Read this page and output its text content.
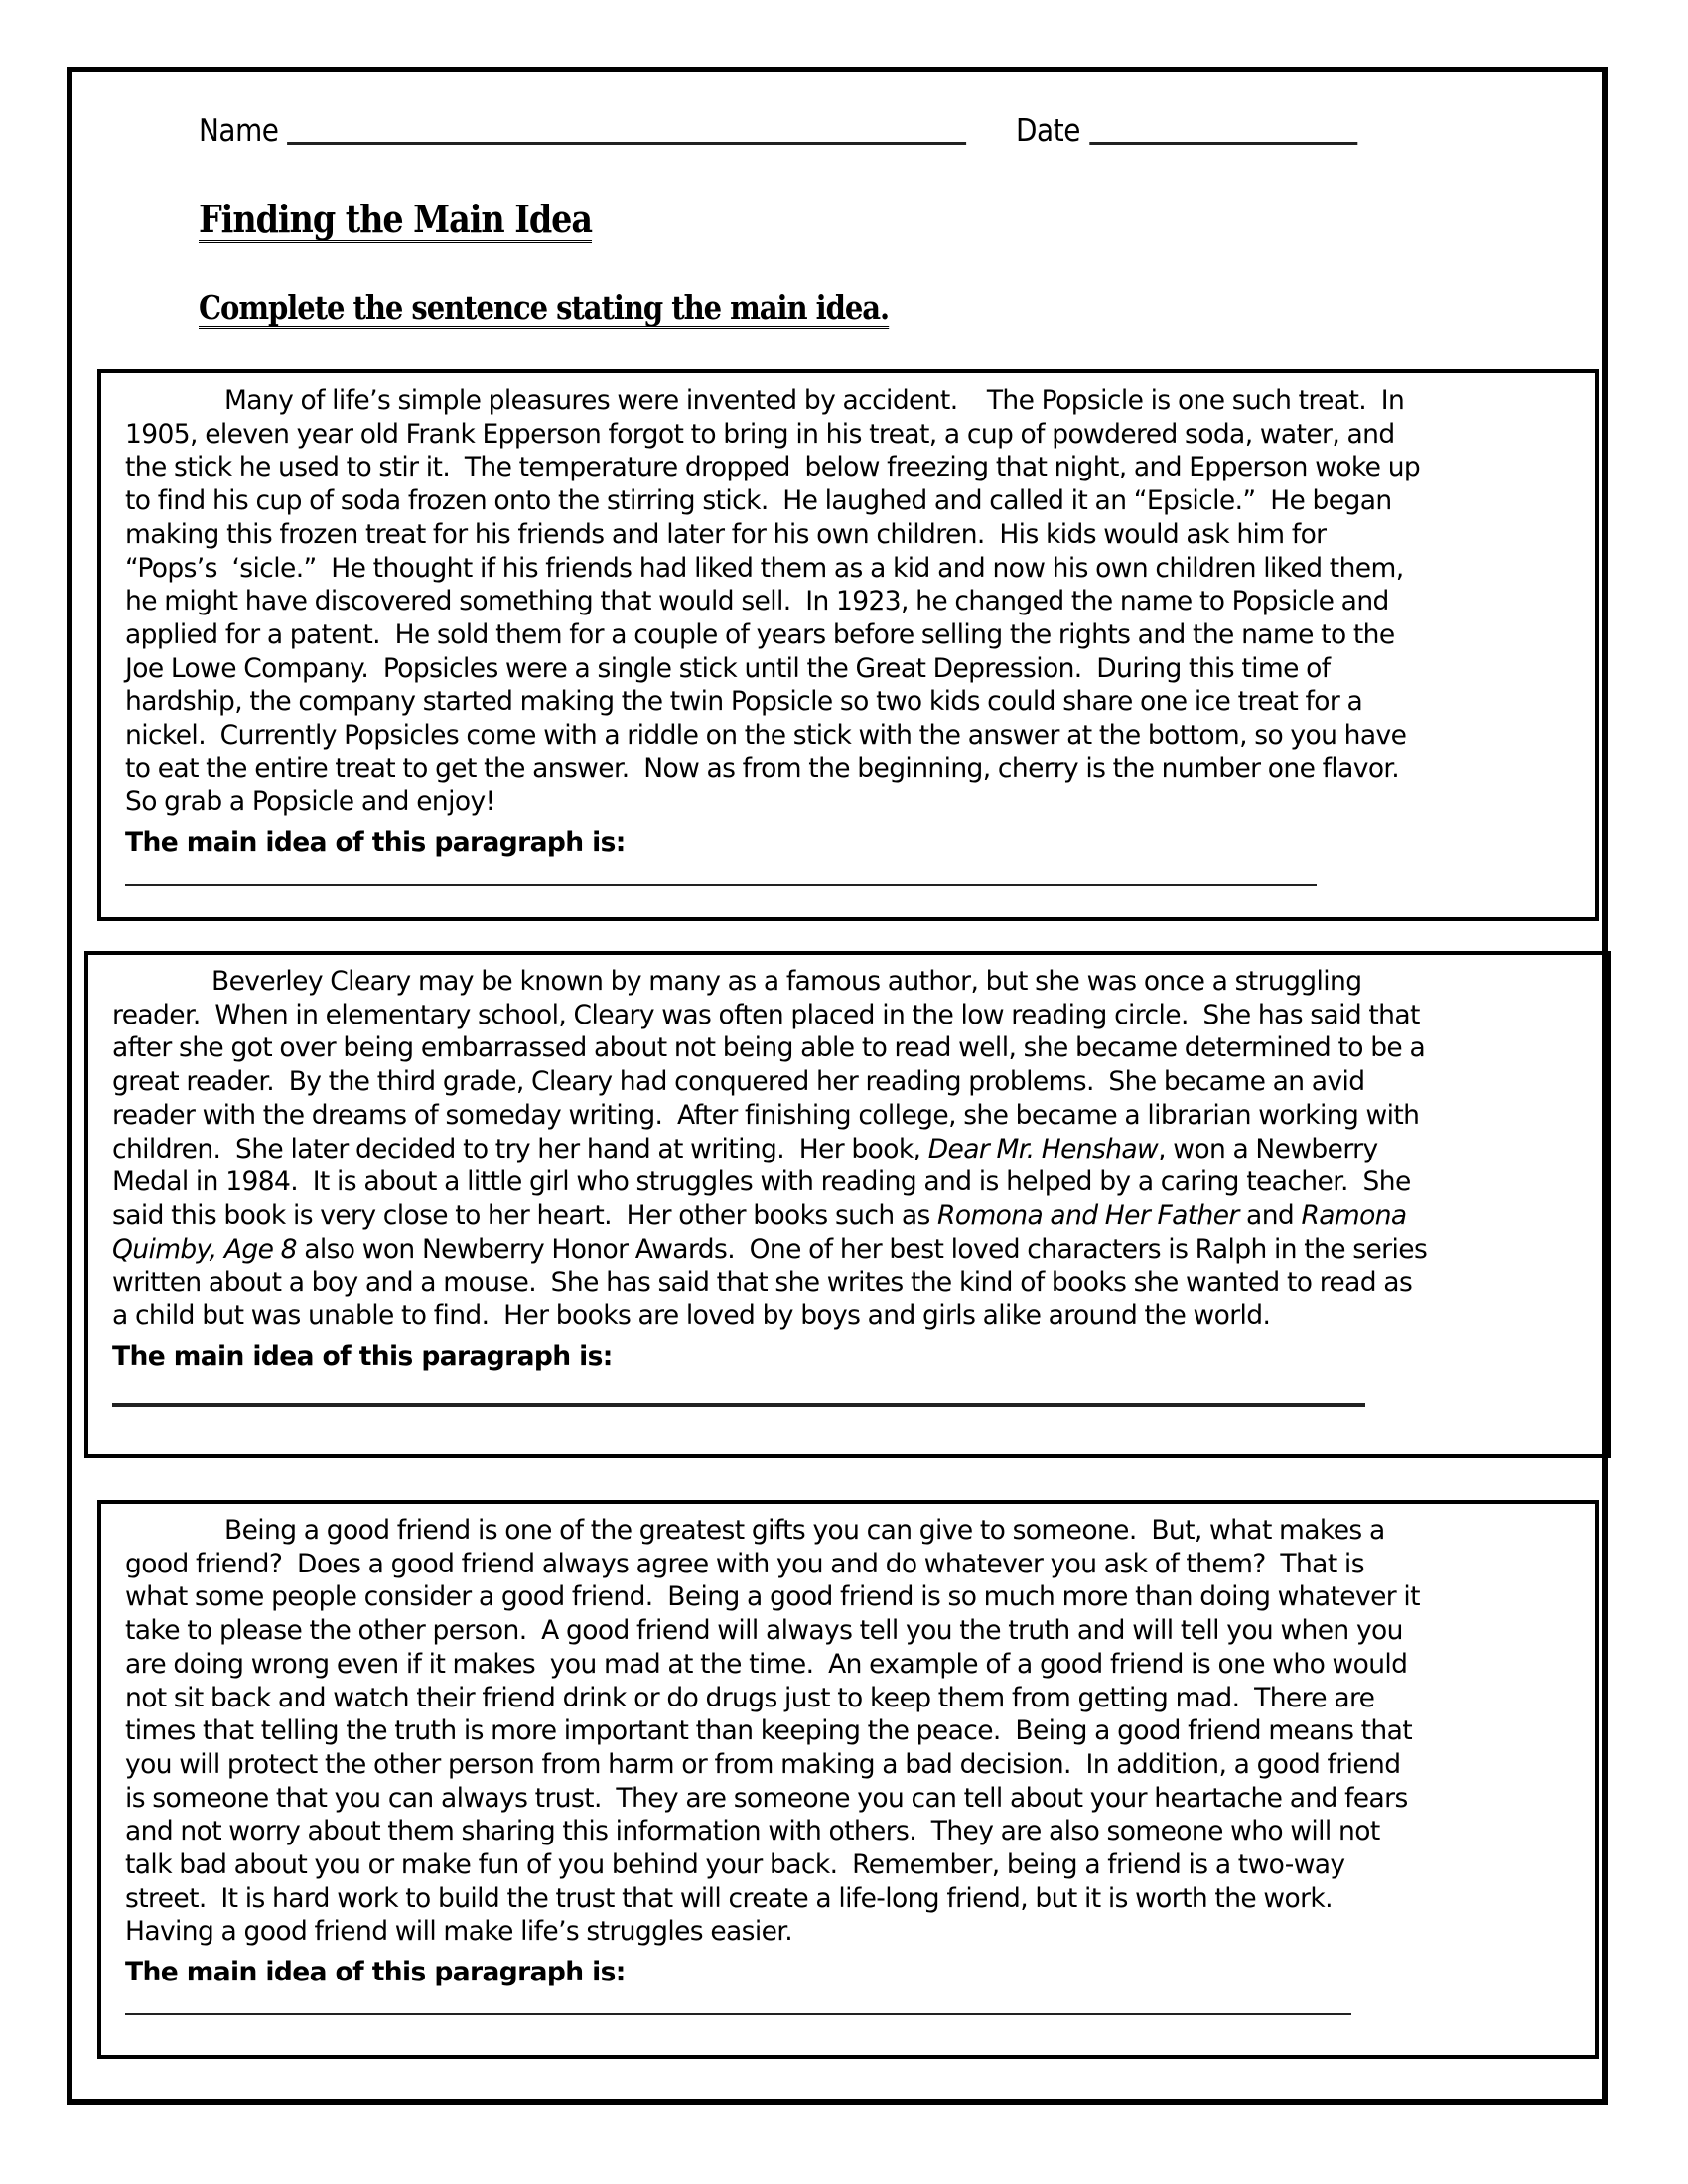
Name	Date
Finding the Main Idea
Complete the sentence stating the main idea.
Many of life’s simple pleasures were invented by accident.    The Popsicle is one such treat.  In
1905, eleven year old Frank Epperson forgot to bring in his treat, a cup of powdered soda, water, and
the stick he used to stir it.  The temperature dropped  below freezing that night, and Epperson woke up
to find his cup of soda frozen onto the stirring stick.  He laughed and called it an “Epsicle.”  He began
making this frozen treat for his friends and later for his own children.  His kids would ask him for
“Pops’s  ‘sicle.”  He thought if his friends had liked them as a kid and now his own children liked them,
he might have discovered something that would sell.  In 1923, he changed the name to Popsicle and
applied for a patent.  He sold them for a couple of years before selling the rights and the name to the
Joe Lowe Company.  Popsicles were a single stick until the Great Depression.  During this time of
hardship, the company started making the twin Popsicle so two kids could share one ice treat for a
nickel.  Currently Popsicles come with a riddle on the stick with the answer at the bottom, so you have
to eat the entire treat to get the answer.  Now as from the beginning, cherry is the number one flavor.
So grab a Popsicle and enjoy!
The main idea of this paragraph is:
Beverley Cleary may be known by many as a famous author, but she was once a struggling
reader.  When in elementary school, Cleary was often placed in the low reading circle.  She has said that
after she got over being embarrassed about not being able to read well, she became determined to be a
great reader.  By the third grade, Cleary had conquered her reading problems.  She became an avid
reader with the dreams of someday writing.  After finishing college, she became a librarian working with
children.  She later decided to try her hand at writing.  Her book, Dear Mr. Henshaw, won a Newberry
Medal in 1984.  It is about a little girl who struggles with reading and is helped by a caring teacher.  She
said this book is very close to her heart.  Her other books such as Romona and Her Father and Ramona
Quimby, Age 8 also won Newberry Honor Awards.  One of her best loved characters is Ralph in the series
written about a boy and a mouse.  She has said that she writes the kind of books she wanted to read as
a child but was unable to find.  Her books are loved by boys and girls alike around the world.
The main idea of this paragraph is:
Being a good friend is one of the greatest gifts you can give to someone.  But, what makes a
good friend?  Does a good friend always agree with you and do whatever you ask of them?  That is
what some people consider a good friend.  Being a good friend is so much more than doing whatever it
take to please the other person.  A good friend will always tell you the truth and will tell you when you
are doing wrong even if it makes  you mad at the time.  An example of a good friend is one who would
not sit back and watch their friend drink or do drugs just to keep them from getting mad.  There are
times that telling the truth is more important than keeping the peace.  Being a good friend means that
you will protect the other person from harm or from making a bad decision.  In addition, a good friend
is someone that you can always trust.  They are someone you can tell about your heartache and fears
and not worry about them sharing this information with others.  They are also someone who will not
talk bad about you or make fun of you behind your back.  Remember, being a friend is a two-way
street.  It is hard work to build the trust that will create a life-long friend, but it is worth the work.
Having a good friend will make life’s struggles easier.
The main idea of this paragraph is:
